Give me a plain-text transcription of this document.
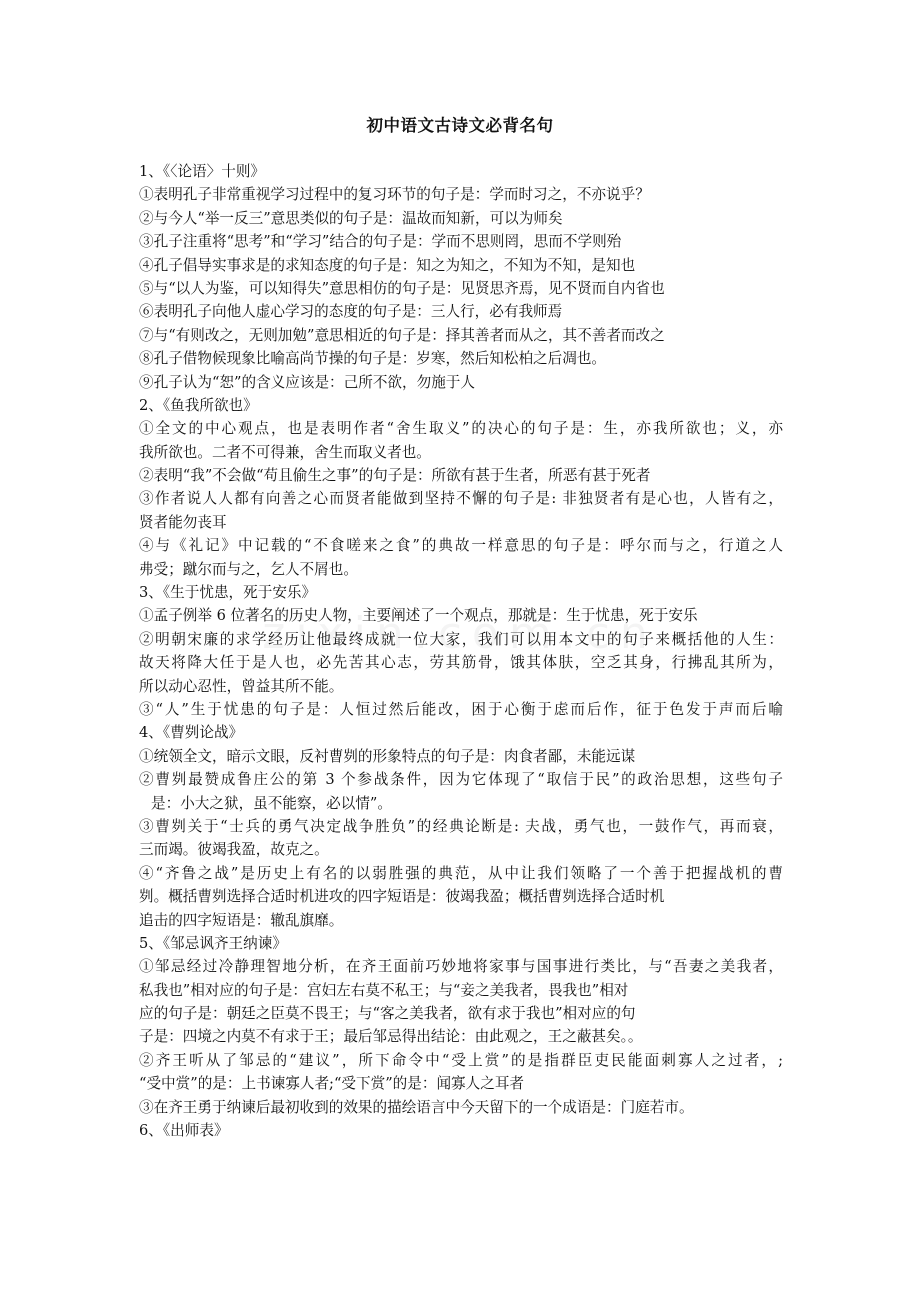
初中语文古诗文必背名句
1、《〈论语〉十则》
①表明孔子非常重视学习过程中的复习环节的句子是：学而时习之，不亦说乎？
②与今人“举一反三”意思类似的句子是：温故而知新，可以为师矣
③孔子注重将“思考”和“学习”结合的句子是：学而不思则罔，思而不学则殆
④孔子倡导实事求是的求知态度的句子是：知之为知之，不知为不知，是知也
⑤与“以人为鉴，可以知得失”意思相仿的句子是：见贤思齐焉，见不贤而自内省也
⑥表明孔子向他人虚心学习的态度的句子是：三人行，必有我师焉
⑦与“有则改之，无则加勉”意思相近的句子是：择其善者而从之，其不善者而改之
⑧孔子借物候现象比喻高尚节操的句子是：岁寒，然后知松柏之后凋也。
⑨孔子认为“恕”的含义应该是：己所不欲，勿施于人
2、《鱼我所欲也》
①全文的中心观点，也是表明作者“舍生取义”的决心的句子是：生，亦我所欲也；义，亦
我所欲也。二者不可得兼，舍生而取义者也。
②表明“我”不会做“苟且偷生之事”的句子是：所欲有甚于生者，所恶有甚于死者
③作者说人人都有向善之心而贤者能做到坚持不懈的句子是: 非独贤者有是心也，人皆有之，
贤者能勿丧耳
④与《礼记》中记载的“不食嗟来之食”的典故一样意思的句子是：呼尔而与之，行道之人
弗受；蹴尔而与之，乞人不屑也。
3、《生于忧患，死于安乐》
①孟子例举 6 位著名的历史人物，主要阐述了一个观点，那就是：生于忧患，死于安乐
②明朝宋廉的求学经历让他最终成就一位大家，我们可以用本文中的句子来概括他的人生：
故天将降大任于是人也，必先苦其心志，劳其筋骨，饿其体肤，空乏其身，行拂乱其所为，
所以动心忍性，曾益其所不能。
③“人”生于忧患的句子是：人恒过然后能改，困于心衡于虑而后作，征于色发于声而后喻
4、《曹刿论战》
①统领全文，暗示文眼，反衬曹刿的形象特点的句子是：肉食者鄙，未能远谋
②曹刿最赞成鲁庄公的第 3 个参战条件，因为它体现了“取信于民”的政治思想，这些句子
是：小大之狱，虽不能察，必以情”。
③曹刿关于“士兵的勇气决定战争胜负”的经典论断是: 夫战，勇气也，一鼓作气，再而衰，
三而竭。彼竭我盈，故克之。
④“齐鲁之战”是历史上有名的以弱胜强的典范，从中让我们领略了一个善于把握战机的曹
刿。概括曹刿选择合适时机进攻的四字短语是：彼竭我盈；概括曹刿选择合适时机
追击的四字短语是：辙乱旗靡。
5、《邹忌讽齐王纳谏》
①邹忌经过冷静理智地分析，在齐王面前巧妙地将家事与国事进行类比，与“吾妻之美我者，
私我也”相对应的句子是：宫妇左右莫不私王；与“妾之美我者，畏我也”相对
应的句子是：朝廷之臣莫不畏王；与“客之美我者，欲有求于我也”相对应的句
子是：四境之内莫不有求于王；最后邹忌得出结论：由此观之，王之蔽甚矣。。
②齐王听从了邹忌的“建议”，所下命令中“受上赏”的是指群臣吏民能面刺寡人之过者，;
“受中赏”的是：上书谏寡人者;“受下赏”的是：闻寡人之耳者
③在齐王勇于纳谏后最初收到的效果的描绘语言中今天留下的一个成语是：门庭若市。
6、《出师表》
